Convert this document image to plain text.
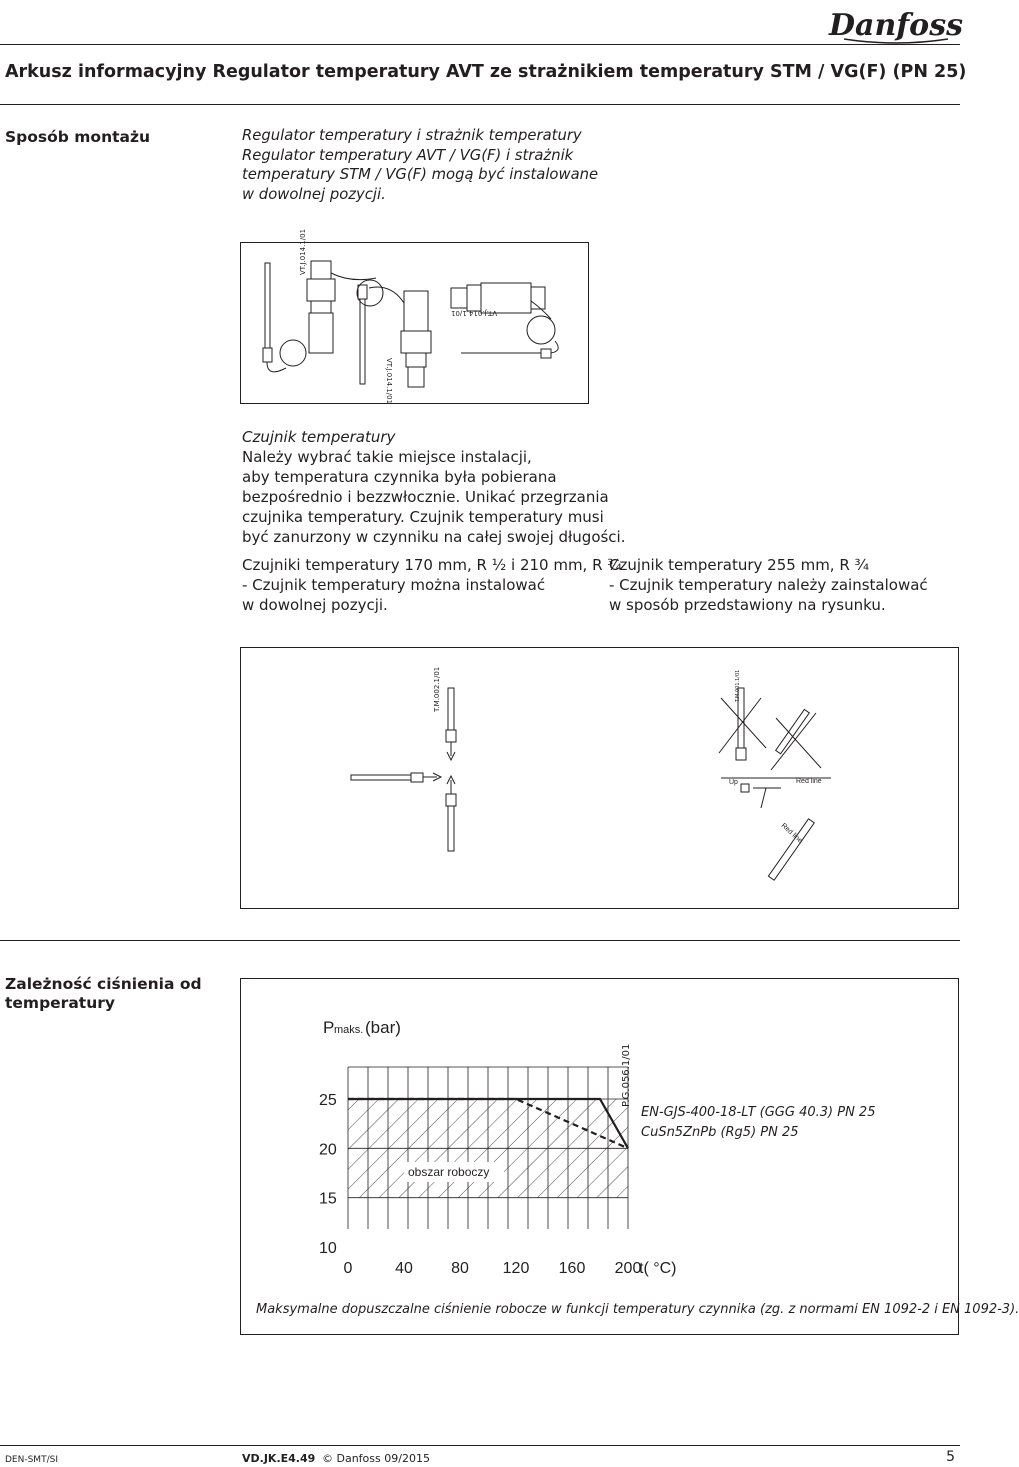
Danfoss
Arkusz informacyjny Regulator temperatury AVT ze strażnikiem temperatury STM / VG(F) (PN 25)
Sposób montażu	Regulator temperatury i strażnik temperatury
Regulator temperatury AVT / VG(F) i strażnik
temperatury STM / VG(F) mogą być instalowane
w dowolnej pozycji.
VT.J.014.1/01
VT.J.014.1/01
VT.J.014.1/01
Czujnik temperatury
Należy wybrać takie miejsce instalacji,
aby temperatura czynnika była pobierana
bezpośrednio i bezzwłocznie. Unikać przegrzania
czujnika temperatury. Czujnik temperatury musi
być zanurzony w czynniku na całej swojej długości.
Czujniki temperatury 170 mm, R ½ i 210 mm, R ¾
- Czujnik temperatury można instalować
w dowolnej pozycji.
Czujnik temperatury 255 mm, R ¾
- Czujnik temperatury należy zainstalować
w sposób przedstawiony na rysunku.
Up	Red line
Red line
T.M.002.1/01	T.M.001.1/01
Zależność ciśnienia od
temperatury
obszar roboczy
25
20
15
10
0	40 80 120 160 200
P maks. (bar)
t( °C)
P.G.056.1/01
EN-GJS-400-18-LT (GGG 40.3) PN 25
CuSn5ZnPb (Rg5) PN 25
Maksymalne dopuszczalne ciśnienie robocze w funkcji temperatury czynnika (zg. z normami EN 1092-2 i EN 1092-3).
DEN-SMT/SI	VD.JK.E4.49 © Danfoss 09/2015	5
